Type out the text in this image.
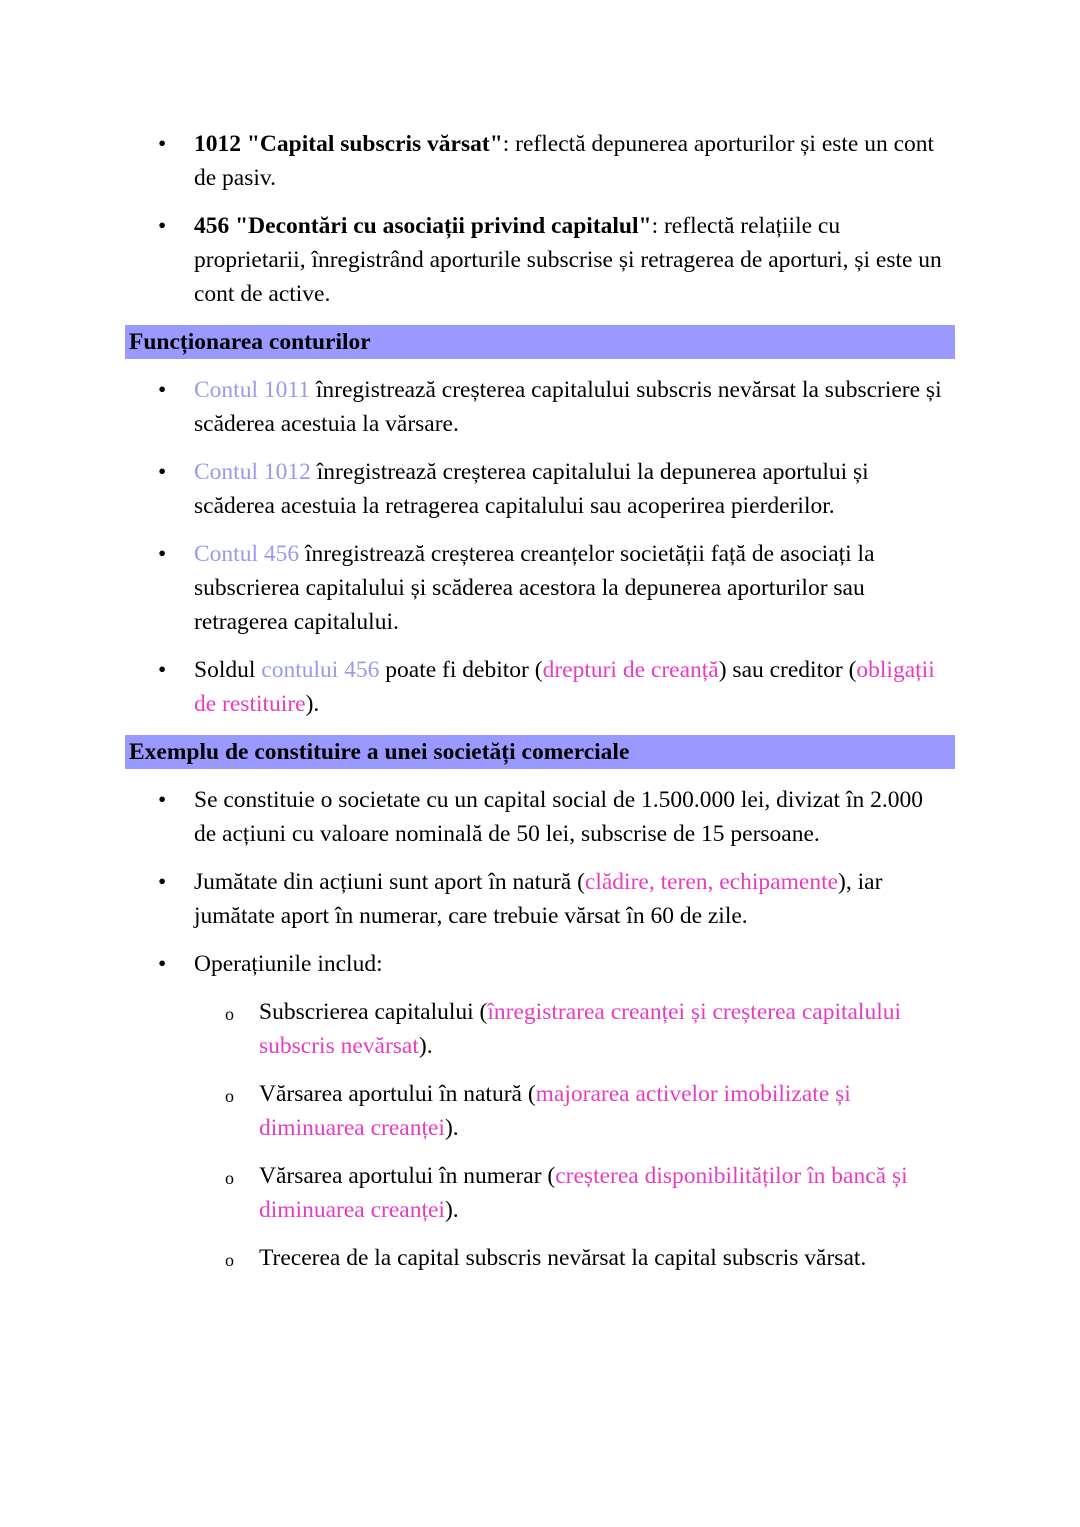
• 1012 "Capital subscris vărsat": reflectă depunerea aporturilor și este un cont de pasiv.
• 456 "Decontări cu asociații privind capitalul": reflectă relațiile cu proprietarii, înregistrând aporturile subscrise și retragerea de aporturi, și este un cont de active.
Funcționarea conturilor
• Contul 1011 înregistrează creșterea capitalului subscris nevărsat la subscriere și scăderea acestuia la vărsare.
• Contul 1012 înregistrează creșterea capitalului la depunerea aportului și scăderea acestuia la retragerea capitalului sau acoperirea pierderilor.
• Contul 456 înregistrează creșterea creanțelor societății față de asociați la subscrierea capitalului și scăderea acestora la depunerea aporturilor sau retragerea capitalului.
• Soldul contului 456 poate fi debitor (drepturi de creanță) sau creditor (obligații de restituire).
Exemplu de constituire a unei societăți comerciale
• Se constituie o societate cu un capital social de 1.500.000 lei, divizat în 2.000 de acțiuni cu valoare nominală de 50 lei, subscrise de 15 persoane.
• Jumătate din acțiuni sunt aport în natură (clădire, teren, echipamente), iar jumătate aport în numerar, care trebuie vărsat în 60 de zile.
• Operațiunile includ:
o Subscrierea capitalului (înregistrarea creanței și creșterea capitalului subscris nevărsat).
o Vărsarea aportului în natură (majorarea activelor imobilizate și diminuarea creanței).
o Vărsarea aportului în numerar (creșterea disponibilităților în bancă și diminuarea creanței).
o Trecerea de la capital subscris nevărsat la capital subscris vărsat.
